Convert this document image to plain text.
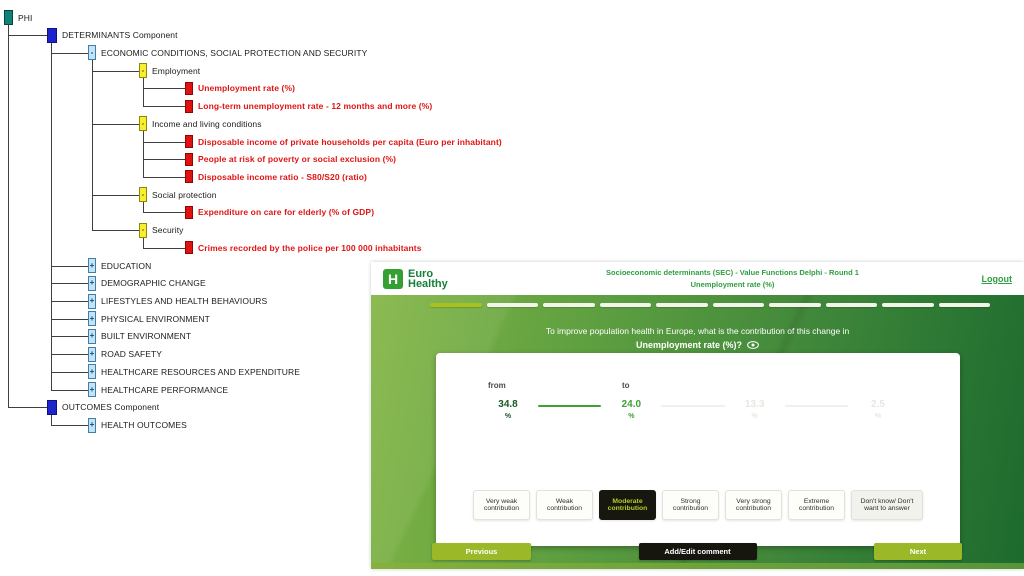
PHI
DETERMINANTS Component
- ECONOMIC CONDITIONS, SOCIAL PROTECTION AND SECURITY
- Employment
Unemployment rate (%)
Long-term unemployment rate - 12 months and more (%)
- Income and living conditions
Disposable income of private households per capita (Euro per inhabitant)
People at risk of poverty or social exclusion (%)
Disposable income ratio - S80/S20 (ratio)
- Social protection
Expenditure on care for elderly (% of GDP)
- Security
Crimes recorded by the police per 100 000 inhabitants
+ EDUCATION
+ DEMOGRAPHIC CHANGE
+ LIFESTYLES AND HEALTH BEHAVIOURS
+ PHYSICAL ENVIRONMENT
+ BUILT ENVIRONMENT
+ ROAD SAFETY
+ HEALTHCARE RESOURCES AND EXPENDITURE
+ HEALTHCARE PERFORMANCE
OUTCOMES Component
+ HEALTH OUTCOMES
H Euro
Healthy
Socioeconomic determinants (SEC) - Value Functions Delphi - Round 1
Unemployment rate (%)
Logout
To improve population health in Europe, what is the contribution of this change in
Unemployment rate (%)?
from	to
34.8
%
24.0
%
13.3
%
2.5
%
Very weak contribution
Weak contribution
Moderate contribution
Strong contribution
Very strong contribution
Extreme contribution
Don't know/ Don't want to answer
Previous	Add/Edit comment	Next
